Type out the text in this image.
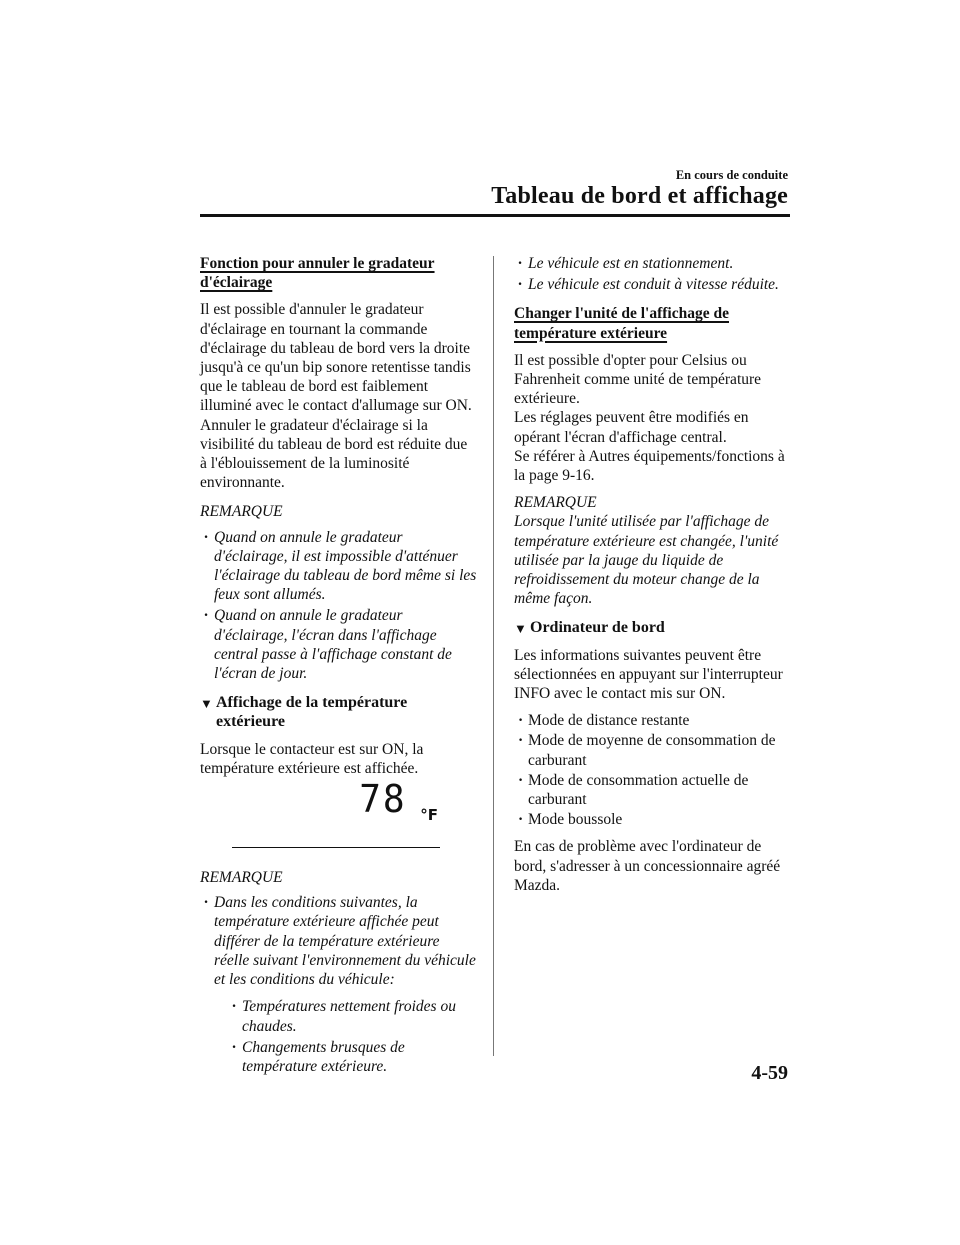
En cours de conduite
Tableau de bord et affichage
Fonction pour annuler le gradateur
d'éclairage

Il est possible d'annuler le gradateur d'éclairage en tournant la commande d'éclairage du tableau de bord vers la droite jusqu'à ce qu'un bip sonore retentisse tandis que le tableau de bord est faiblement illuminé avec le contact d'allumage sur ON. Annuler le gradateur d'éclairage si la visibilité du tableau de bord est réduite due à l'éblouissement de la luminosité environnante.

REMARQUE
· Quand on annule le gradateur d'éclairage, il est impossible d'atténuer l'éclairage du tableau de bord même si les feux sont allumés.
· Quand on annule le gradateur d'éclairage, l'écran dans l'affichage central passe à l'affichage constant de l'écran de jour.
▼ Affichage de la température
extérieure

Lorsque le contacteur est sur ON, la température extérieure est affichée.

78 °F
REMARQUE
· Dans les conditions suivantes, la température extérieure affichée peut différer de la température extérieure réelle suivant l'environnement du véhicule et les conditions du véhicule:
· Températures nettement froides ou chaudes.
· Changements brusques de température extérieure.
· Le véhicule est en stationnement.
· Le véhicule est conduit à vitesse réduite.
Changer l'unité de l'affichage de
température extérieure

Il est possible d'opter pour Celsius ou Fahrenheit comme unité de température extérieure.
Les réglages peuvent être modifiés en opérant l'écran d'affichage central.
Se référer à Autres équipements/fonctions à la page 9-16.

REMARQUE

Lorsque l'unité utilisée par l'affichage de température extérieure est changée, l'unité utilisée par la jauge du liquide de refroidissement du moteur change de la même façon.

▼ Ordinateur de bord

Les informations suivantes peuvent être sélectionnées en appuyant sur l'interrupteur INFO avec le contact mis sur ON.

· Mode de distance restante
· Mode de moyenne de consommation de carburant
· Mode de consommation actuelle de carburant
· Mode boussole

En cas de problème avec l'ordinateur de bord, s'adresser à un concessionnaire agréé Mazda.

4-59
